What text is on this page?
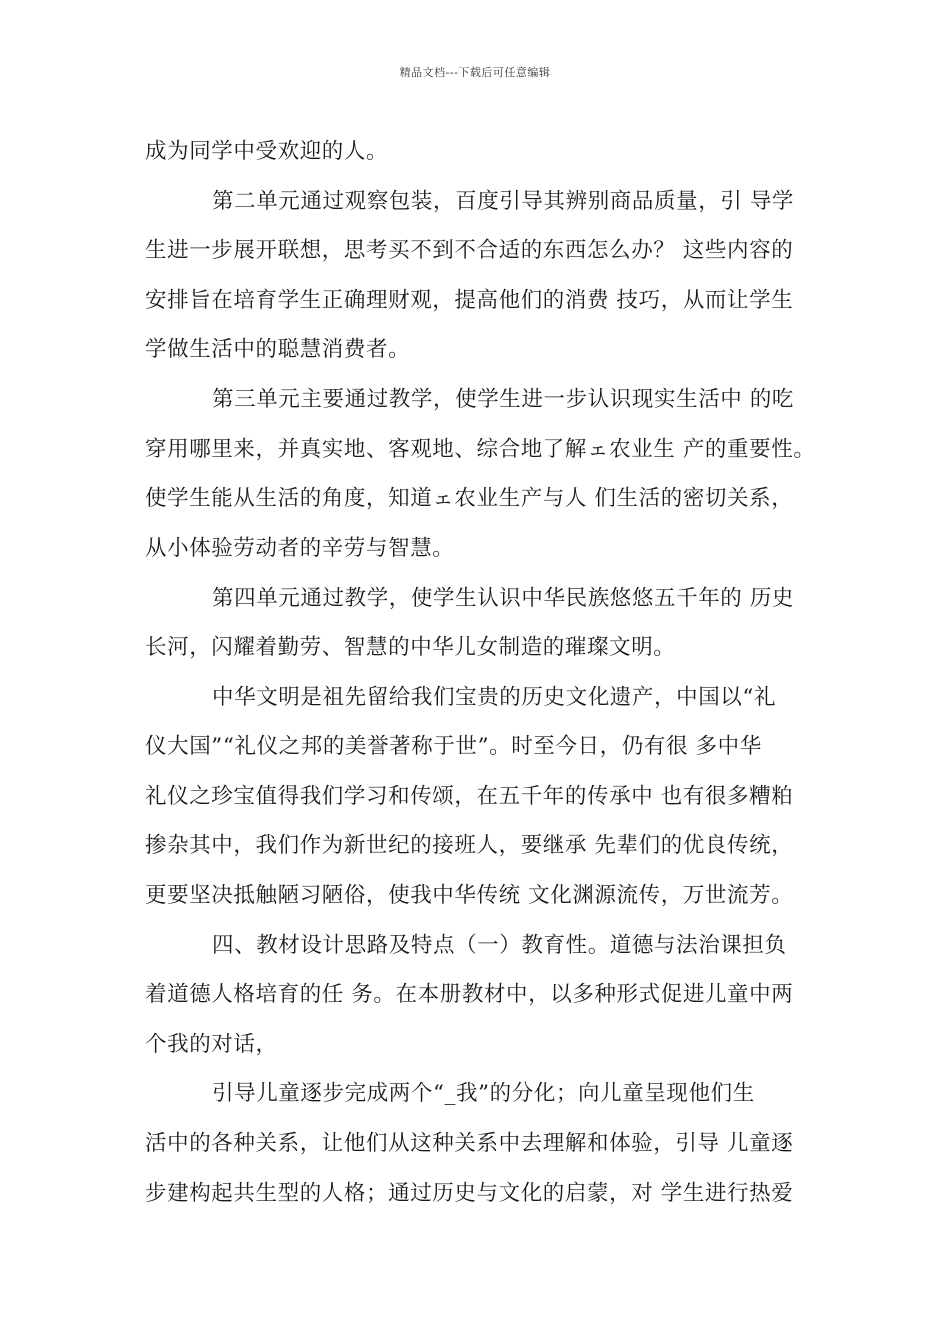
精品文档---下载后可任意编辑
成为同学中受欢迎的人。
第二单元通过观察包装，百度引导其辨别商品质量，引 导学
生进一步展开联想，思考买不到不合适的东西怎么办？ 这些内容的
安排旨在培育学生正确理财观，提高他们的消费 技巧，从而让学生
学做生活中的聪慧消费者。
第三单元主要通过教学，使学生进一步认识现实生活中 的吃
穿用哪里来，并真实地、客观地、综合地了解ェ农业生 产的重要性。
使学生能从生活的角度，知道ェ农业生产与人 们生活的密切关系，
从小体验劳动者的辛劳与智慧。
第四单元通过教学，使学生认识中华民族悠悠五千年的 历史
长河，闪耀着勤劳、智慧的中华儿女制造的璀璨文明。
中华文明是祖先留给我们宝贵的历史文化遗产，中国以“礼
仪大国”“礼仪之邦的美誉著称于世”。时至今日，仍有很 多中华
礼仪之珍宝值得我们学习和传颂，在五千年的传承中 也有很多糟粕
掺杂其中，我们作为新世纪的接班人，要继承 先辈们的优良传统，
更要坚决抵触陋习陋俗，使我中华传统 文化渊源流传，万世流芳。
四、教材设计思路及特点（一）教育性。道德与法治课担负
着道德人格培育的任 务。在本册教材中，以多种形式促进儿童中两
个我的对话，
引导儿童逐步完成两个“_我”的分化；向儿童呈现他们生
活中的各种关系，让他们从这种关系中去理解和体验，引导 儿童逐
步建构起共生型的人格；通过历史与文化的启蒙，对 学生进行热爱
